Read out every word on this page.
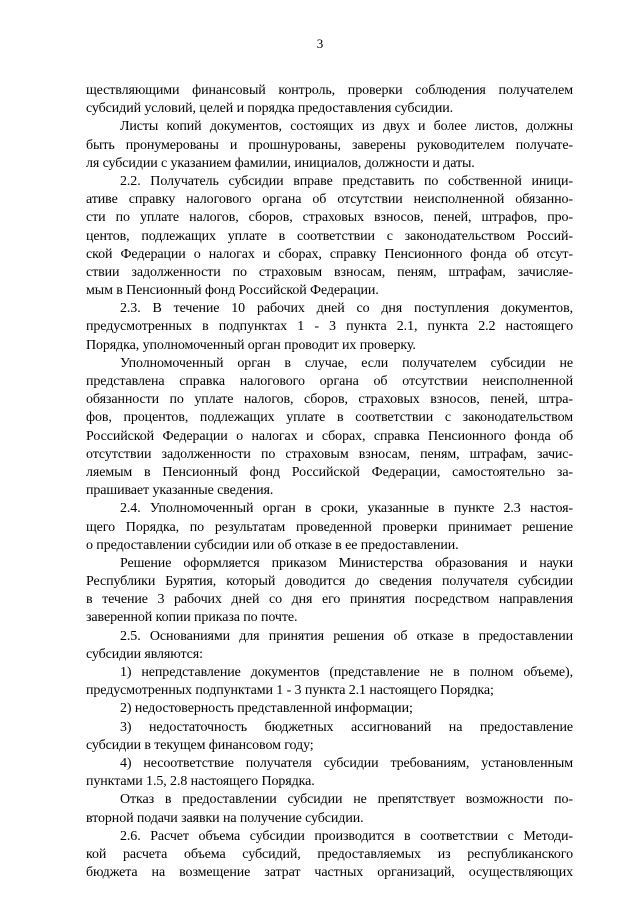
3
ществляющими финансовый контроль, проверки соблюдения получателем
субсидий условий, целей и порядка предоставления субсидии.
Листы копий документов, состоящих из двух и более листов, должны
быть пронумерованы и прошнурованы, заверены руководителем получате-
ля субсидии с указанием фамилии, инициалов, должности и даты.
2.2. Получатель субсидии вправе представить по собственной иници-
ативе справку налогового органа об отсутствии неисполненной обязанно-
сти по уплате налогов, сборов, страховых взносов, пеней, штрафов, про-
центов, подлежащих уплате в соответствии с законодательством Россий-
ской Федерации о налогах и сборах, справку Пенсионного фонда об отсут-
ствии задолженности по страховым взносам, пеням, штрафам, зачисляе-
мым в Пенсионный фонд Российской Федерации.
2.3. В течение 10 рабочих дней со дня поступления документов,
предусмотренных в подпунктах 1 - 3 пункта 2.1, пункта 2.2 настоящего
Порядка, уполномоченный орган проводит их проверку.
Уполномоченный орган в случае, если получателем субсидии не
представлена справка налогового органа об отсутствии неисполненной
обязанности по уплате налогов, сборов, страховых взносов, пеней, штра-
фов, процентов, подлежащих уплате в соответствии с законодательством
Российской Федерации о налогах и сборах, справка Пенсионного фонда об
отсутствии задолженности по страховым взносам, пеням, штрафам, зачис-
ляемым в Пенсионный фонд Российской Федерации, самостоятельно за-
прашивает указанные сведения.
2.4. Уполномоченный орган в сроки, указанные в пункте 2.3 настоя-
щего Порядка, по результатам проведенной проверки принимает решение
о предоставлении субсидии или об отказе в ее предоставлении.
Решение оформляется приказом Министерства образования и науки
Республики Бурятия, который доводится до сведения получателя субсидии
в течение 3 рабочих дней со дня его принятия посредством направления
заверенной копии приказа по почте.
2.5. Основаниями для принятия решения об отказе в предоставлении
субсидии являются:
1) непредставление документов (представление не в полном объеме),
предусмотренных подпунктами 1 - 3 пункта 2.1 настоящего Порядка;
2) недостоверность представленной информации;
3) недостаточность бюджетных ассигнований на предоставление
субсидии в текущем финансовом году;
4) несоответствие получателя субсидии требованиям, установленным
пунктами 1.5, 2.8 настоящего Порядка.
Отказ в предоставлении субсидии не препятствует возможности по-
вторной подачи заявки на получение субсидии.
2.6. Расчет объема субсидии производится в соответствии с Методи-
кой расчета объема субсидий, предоставляемых из республиканского
бюджета на возмещение затрат частных организаций, осуществляющих
